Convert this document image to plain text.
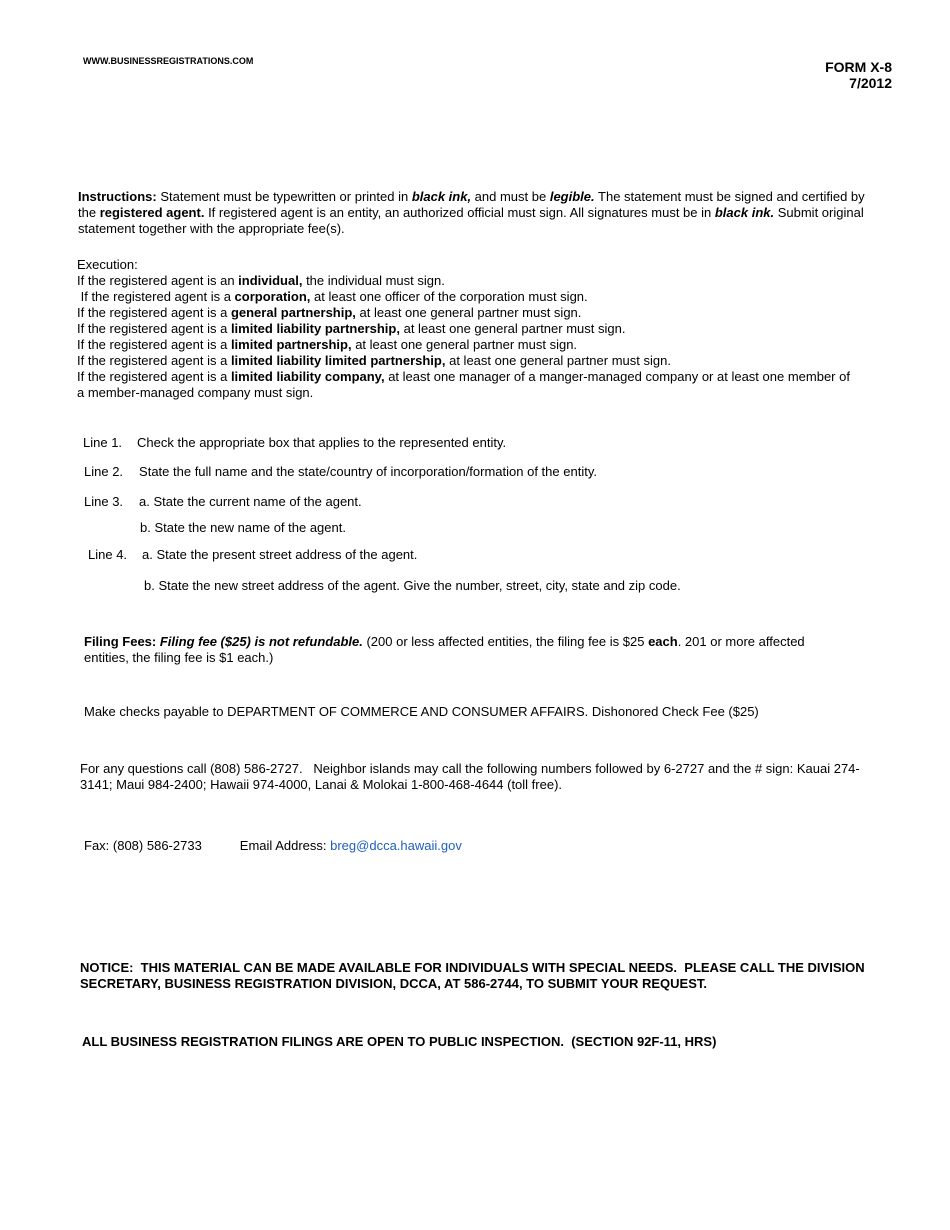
WWW.BUSINESSREGISTRATIONS.COM	FORM X-8
7/2012
Instructions: Statement must be typewritten or printed in black ink, and must be legible. The statement must be signed and certified by the registered agent. If registered agent is an entity, an authorized official must sign. All signatures must be in black ink. Submit original statement together with the appropriate fee(s).
Execution:
If the registered agent is an individual, the individual must sign.
If the registered agent is a corporation, at least one officer of the corporation must sign.
If the registered agent is a general partnership, at least one general partner must sign.
If the registered agent is a limited liability partnership, at least one general partner must sign.
If the registered agent is a limited partnership, at least one general partner must sign.
If the registered agent is a limited liability limited partnership, at least one general partner must sign.
If the registered agent is a limited liability company, at least one manager of a manger-managed company or at least one member of a member-managed company must sign.
Line 1. Check the appropriate box that applies to the represented entity.
Line 2. State the full name and the state/country of incorporation/formation of the entity.
Line 3. a. State the current name of the agent.
b. State the new name of the agent.
Line 4. a. State the present street address of the agent.
b. State the new street address of the agent. Give the number, street, city, state and zip code.
Filing Fees: Filing fee ($25) is not refundable. (200 or less affected entities, the filing fee is $25 each. 201 or more affected entities, the filing fee is $1 each.)
Make checks payable to DEPARTMENT OF COMMERCE AND CONSUMER AFFAIRS. Dishonored Check Fee ($25)
For any questions call (808) 586-2727.   Neighbor islands may call the following numbers followed by 6-2727 and the # sign: Kauai 274-3141; Maui 984-2400; Hawaii 974-4000, Lanai & Molokai 1-800-468-4644 (toll free).
Fax: (808) 586-2733	Email Address: breg@dcca.hawaii.gov
NOTICE:  THIS MATERIAL CAN BE MADE AVAILABLE FOR INDIVIDUALS WITH SPECIAL NEEDS.  PLEASE CALL THE DIVISION SECRETARY, BUSINESS REGISTRATION DIVISION, DCCA, AT 586-2744, TO SUBMIT YOUR REQUEST.
ALL BUSINESS REGISTRATION FILINGS ARE OPEN TO PUBLIC INSPECTION.  (SECTION 92F-11, HRS)
